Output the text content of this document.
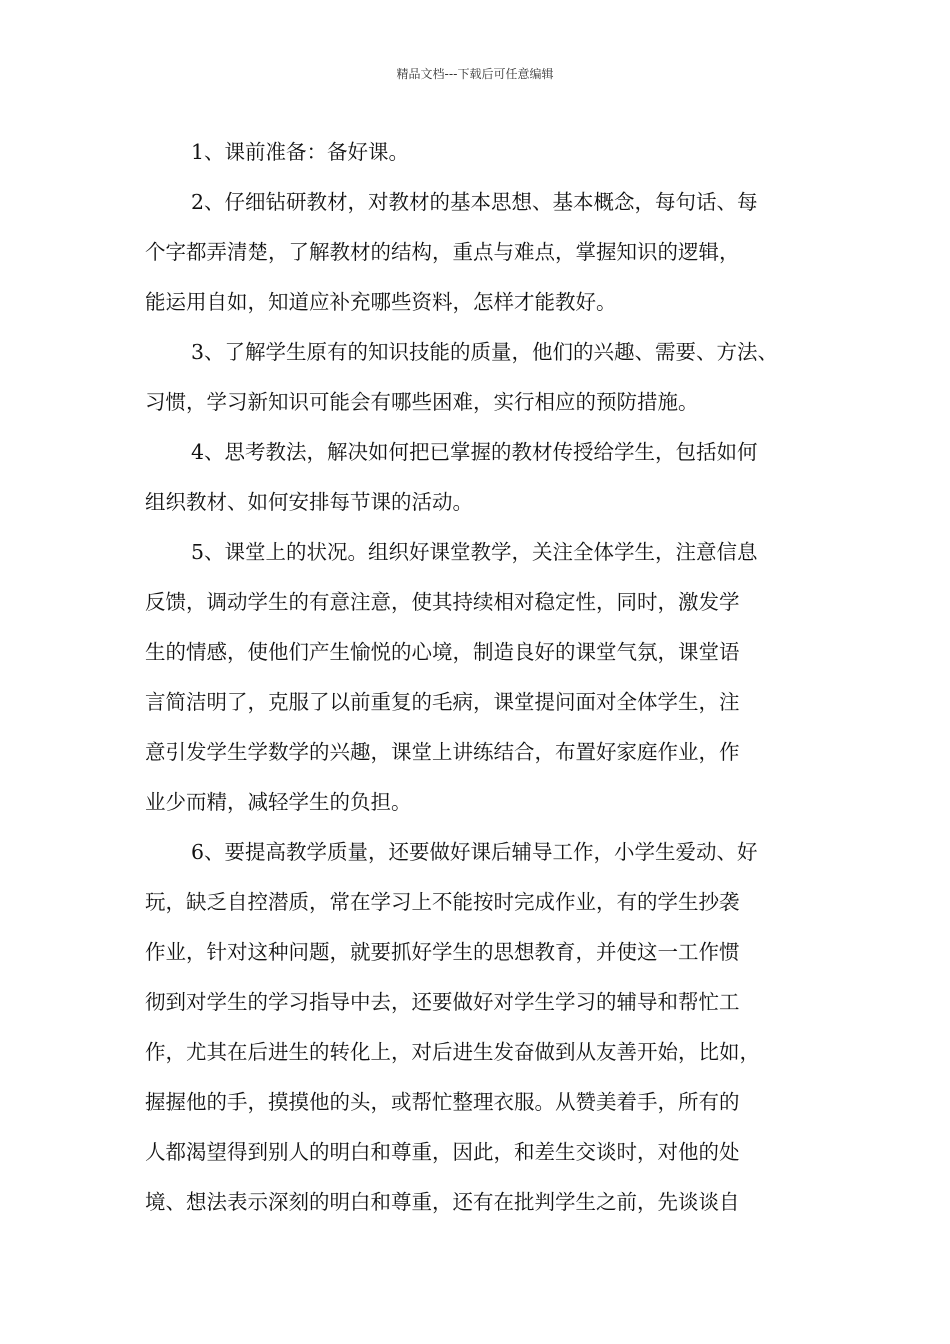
精品文档---下载后可任意编辑
1、课前准备：备好课。
2、仔细钻研教材，对教材的基本思想、基本概念，每句话、每
个字都弄清楚，了解教材的结构，重点与难点，掌握知识的逻辑，
能运用自如，知道应补充哪些资料，怎样才能教好。
3、了解学生原有的知识技能的质量，他们的兴趣、需要、方法、
习惯，学习新知识可能会有哪些困难，实行相应的预防措施。
4、思考教法，解决如何把已掌握的教材传授给学生，包括如何
组织教材、如何安排每节课的活动。
5、课堂上的状况。组织好课堂教学，关注全体学生，注意信息
反馈，调动学生的有意注意，使其持续相对稳定性，同时，激发学
生的情感，使他们产生愉悦的心境，制造良好的课堂气氛，课堂语
言简洁明了，克服了以前重复的毛病，课堂提问面对全体学生，注
意引发学生学数学的兴趣，课堂上讲练结合，布置好家庭作业，作
业少而精，减轻学生的负担。
6、要提高教学质量，还要做好课后辅导工作，小学生爱动、好
玩，缺乏自控潜质，常在学习上不能按时完成作业，有的学生抄袭
作业，针对这种问题，就要抓好学生的思想教育，并使这一工作惯
彻到对学生的学习指导中去，还要做好对学生学习的辅导和帮忙工
作，尤其在后进生的转化上，对后进生发奋做到从友善开始，比如，
握握他的手，摸摸他的头，或帮忙整理衣服。从赞美着手，所有的
人都渴望得到别人的明白和尊重，因此，和差生交谈时，对他的处
境、想法表示深刻的明白和尊重，还有在批判学生之前，先谈谈自
